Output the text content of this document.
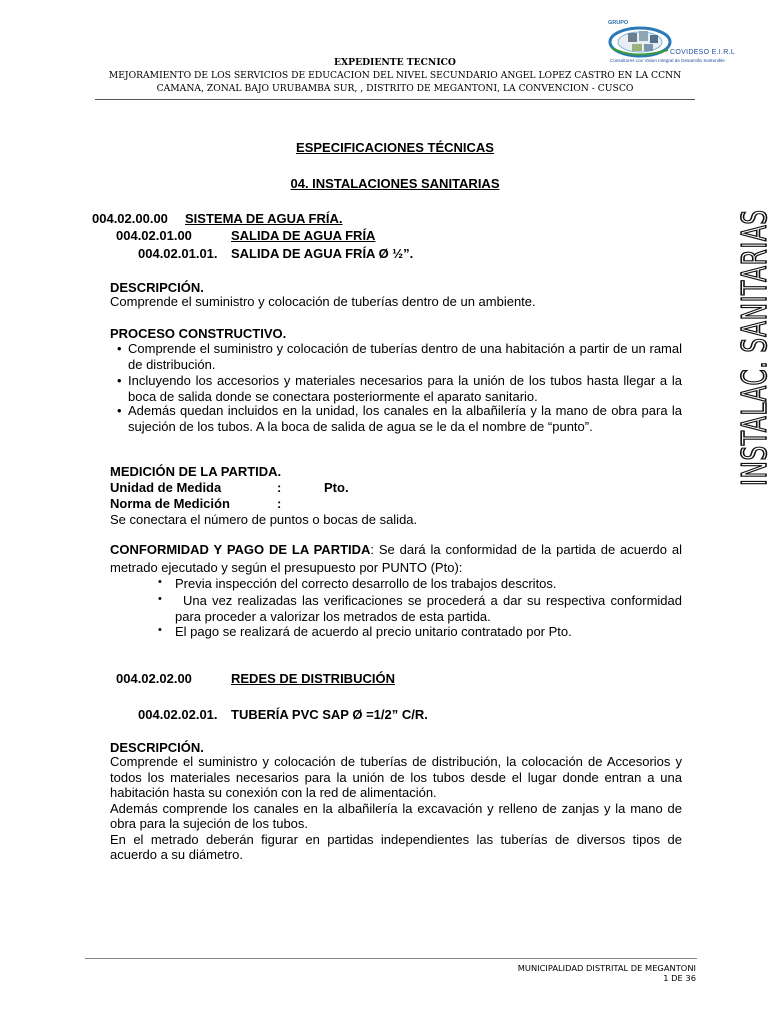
EXPEDIENTE TECNICO
MEJORAMIENTO DE LOS SERVICIOS DE EDUCACION DEL NIVEL SECUNDARIO ANGEL LOPEZ CASTRO EN LA CCNN
CAMANA, ZONAL BAJO URUBAMBA SUR, , DISTRITO DE MEGANTONI, LA CONVENCION - CUSCO
GRUPO
COVIDESO E.I.R.L
Consultores con Vision Integral de Desarrollo Sostenible
INSTALAC. SANITARIAS
ESPECIFICACIONES TÉCNICAS
04. INSTALACIONES SANITARIAS
004.02.00.00 SISTEMA DE AGUA FRÍA.
004.02.01.00	SALIDA DE AGUA FRÍA
004.02.01.01. SALIDA DE AGUA FRÍA Ø ½”.
DESCRIPCIÓN.
Comprende el suministro y colocación de tuberías dentro de un ambiente.
PROCESO CONSTRUCTIVO.
• Comprende el suministro y colocación de tuberías dentro de una habitación a partir de un ramal de distribución.
• Incluyendo los accesorios y materiales necesarios para la unión de los tubos hasta llegar a la boca de salida donde se conectara posteriormente el aparato sanitario.
• Además quedan incluidos en la unidad, los canales en la albañilería y la mano de obra para la sujeción de los tubos. A la boca de salida de agua se le da el nombre de “punto”.
MEDICIÓN DE LA PARTIDA.
Unidad de Medida	:	Pto.
Norma de Medición	:
Se conectara el número de puntos o bocas de salida.
CONFORMIDAD Y PAGO DE LA PARTIDA: Se dará la conformidad de la partida de acuerdo al metrado ejecutado y según el presupuesto por PUNTO (Pto):
• Previa inspección del correcto desarrollo de los trabajos descritos.
•	Una vez realizadas las verificaciones se procederá a dar su respectiva conformidad para proceder a valorizar los metrados de esta partida.
• El pago se realizará de acuerdo al precio unitario contratado por Pto.
004.02.02.00	REDES DE DISTRIBUCIÓN
004.02.02.01. TUBERÍA PVC SAP Ø =1/2” C/R.
DESCRIPCIÓN.
Comprende el suministro y colocación de tuberías de distribución, la colocación de Accesorios y todos los materiales necesarios para la unión de los tubos desde el lugar donde entran a una habitación hasta su conexión con la red de alimentación.
Además comprende los canales en la albañilería la excavación y relleno de zanjas y la mano de obra para la sujeción de los tubos.
En el metrado deberán figurar en partidas independientes las tuberías de diversos tipos de acuerdo a su diámetro.
MUNICIPALIDAD DISTRITAL DE MEGANTONI
1 DE 36
